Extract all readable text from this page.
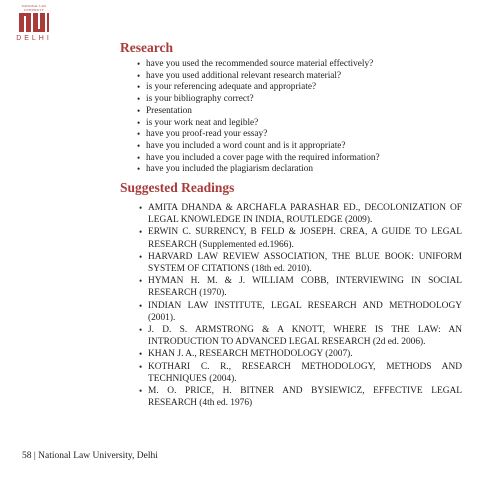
NATIONAL LAW UNIVERSITY
DELHI
Research
• have you used the recommended source material effectively?
• have you used additional relevant research material?
• is your referencing adequate and appropriate?
• is your bibliography correct?
• Presentation
• is your work neat and legible?
• have you proof-read your essay?
• have you included a word count and is it appropriate?
• have you included a cover page with the required information?
• have you included the plagiarism declaration
Suggested Readings
• AMITA DHANDA & ARCHAFLA PARASHAR ED., DECOLONIZATION OF LEGAL KNOWLEDGE IN INDIA, ROUTLEDGE (2009).
• ERWIN C. SURRENCY, B FELD & JOSEPH. CREA, A GUIDE TO LEGAL RESEARCH (Supplemented ed.1966).
• HARVARD LAW REVIEW ASSOCIATION, THE BLUE BOOK: UNIFORM SYSTEM OF CITATIONS (18th ed. 2010).
• HYMAN H. M. & J. WILLIAM COBB, INTERVIEWING IN SOCIAL RESEARCH (1970).
• INDIAN LAW INSTITUTE, LEGAL RESEARCH AND METHODOLOGY (2001).
• J. D. S. ARMSTRONG & A KNOTT, WHERE IS THE LAW: AN INTRODUCTION TO ADVANCED LEGAL RESEARCH (2d ed. 2006).
• KHAN J. A., RESEARCH METHODOLOGY (2007).
• KOTHARI C. R., RESEARCH METHODOLOGY, METHODS AND TECHNIQUES (2004).
• M. O. PRICE, H. BITNER AND BYSIEWICZ, EFFECTIVE LEGAL RESEARCH (4th ed. 1976)
58 | National Law University, Delhi
